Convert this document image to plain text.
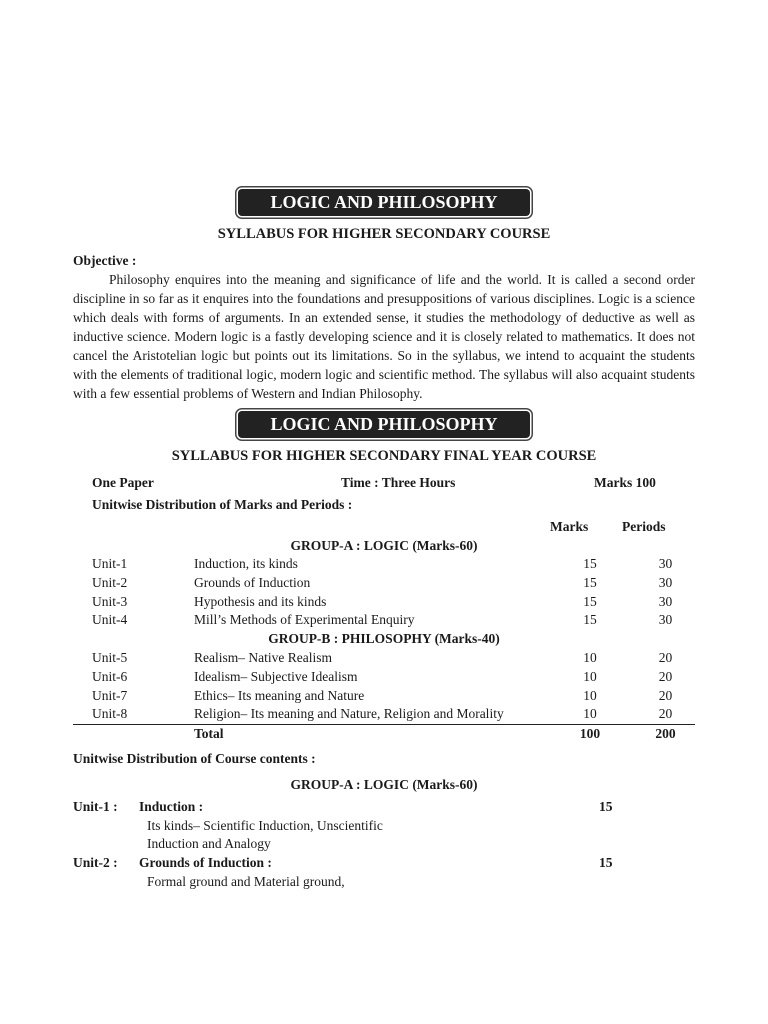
LOGIC AND PHILOSOPHY
SYLLABUS FOR HIGHER SECONDARY COURSE
Objective :

Philosophy enquires into the meaning and significance of life and the world. It is called a second order discipline in so far as it enquires into the foundations and presuppositions of various disciplines. Logic is a science which deals with forms of arguments. In an extended sense, it studies the methodology of deductive as well as inductive science. Modern logic is a fastly developing science and it is closely related to mathematics. It does not cancel the Aristotelian logic but points out its limitations. So in the syllabus, we intend to acquaint the students with the elements of traditional logic, modern logic and scientific method. The syllabus will also acquaint students with a few essential problems of Western and Indian Philosophy.

LOGIC AND PHILOSOPHY
SYLLABUS FOR HIGHER SECONDARY FINAL YEAR COURSE
One Paper	Time : Three Hours	Marks 100
Unitwise Distribution of Marks and Periods :
Marks	Periods
GROUP-A : LOGIC (Marks-60)
Unit-1	Induction, its kinds	15	30
Unit-2	Grounds of Induction	15	30
Unit-3	Hypothesis and its kinds	15	30
Unit-4	Mill’s Methods of Experimental Enquiry	15	30
GROUP-B : PHILOSOPHY (Marks-40)			
Unit-5	Realism– Native Realism	10	20
Unit-6	Idealism– Subjective Idealism	10	20
Unit-7	Ethics– Its meaning and Nature	10	20
Unit-8	Religion– Its meaning and Nature, Religion and Morality	10	20
	Total	100	200
Unitwise Distribution of Course contents :
GROUP-A : LOGIC (Marks-60)
Unit-1 : Induction :	15
Its kinds– Scientific Induction, Unscientific
Induction and Analogy
Unit-2 : Grounds of Induction :	15
Formal ground and Material ground,
